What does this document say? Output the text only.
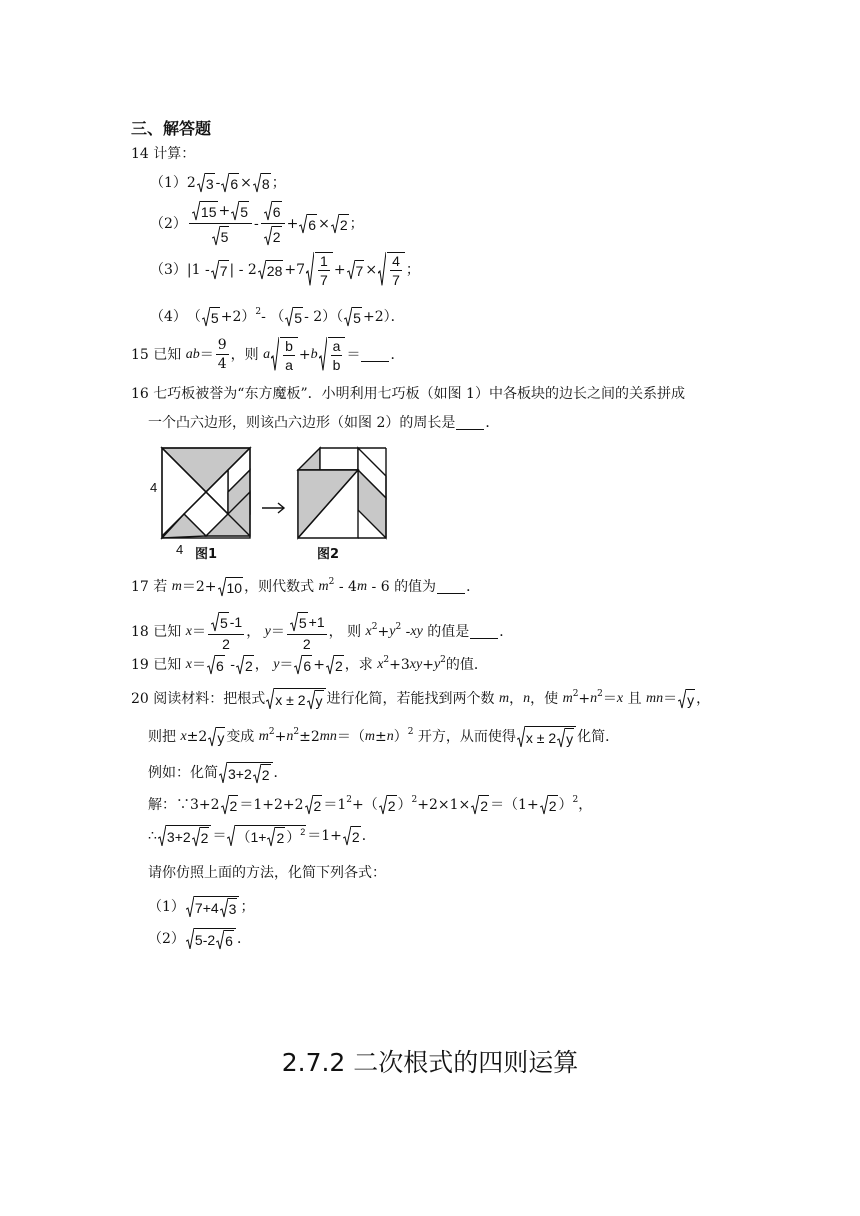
三、解答题
14
计算：
（1） 2 3 - 6 × 8 ；
$(2) \frac{15 + 5}{5} - \frac{6}{2} + 6 \times 2$ ；
（3） |1 - 7 | - 2 $28 +7 \frac{1}{7} + 7 \times \frac{4}{7}$ ；
（4） （ 5 +2）$^2$ - （ 5 - 2）（ 5 +2）．
15
已知
ab ＝ $\frac{9}{4}$ ， 则
a $\frac{b}{a} + b \frac{a}{b}$ ＝ ．
16
七巧板被誉为“东方魔板”．小明利用七巧板（如图 1）中各板块的边长之间的关系拼成
一个凸六边形，则该凸六边形（如图 2）的周长是 ．
4
4 图1	图2
17
若
m ＝2+ 10 ，则代数式
$m^2 - 4$ m - 6 的值为 ．
18
已知
$x = \frac{5 -1}{2}$ ， $y = \frac{5 +1}{2}$ ， 则
$x^2 + y^2$ - xy
的值是 ．
19
已知
x ＝ 6 - 2 ， y ＝ 6 + 2 ， 求
$x^2 +3$ xy + $y^2$ 的值．
20
阅读材料：把根式 x ± 2 y 进行化简，若能找到两个数
m ， n ，使
$m^2 + n^2 = x$
且
mn ＝ y ，
则把
x ±2 y 变成
$m^2 + n^2 \pm 2$ mn ＝（ m ± n ）$^2$
开方，从而使得 x ± 2 y 化简．
例如：化简 3+2 2 ．
解：∵ 3+2 2 ＝1+2+2 $2 =1^2$ +（ 2 ）$^2$ +2×1× 2 ＝（1+ 2 ）$^2$ ，
∴ 3+2 2 ＝ （1+ 2 ）$^2$ ＝1+ 2 ．
请你仿照上面的方法，化简下列各式：
（1） 7+4 3 ；
（2） 5-2 6 ．
2.7.2 二次根式的四则运算
